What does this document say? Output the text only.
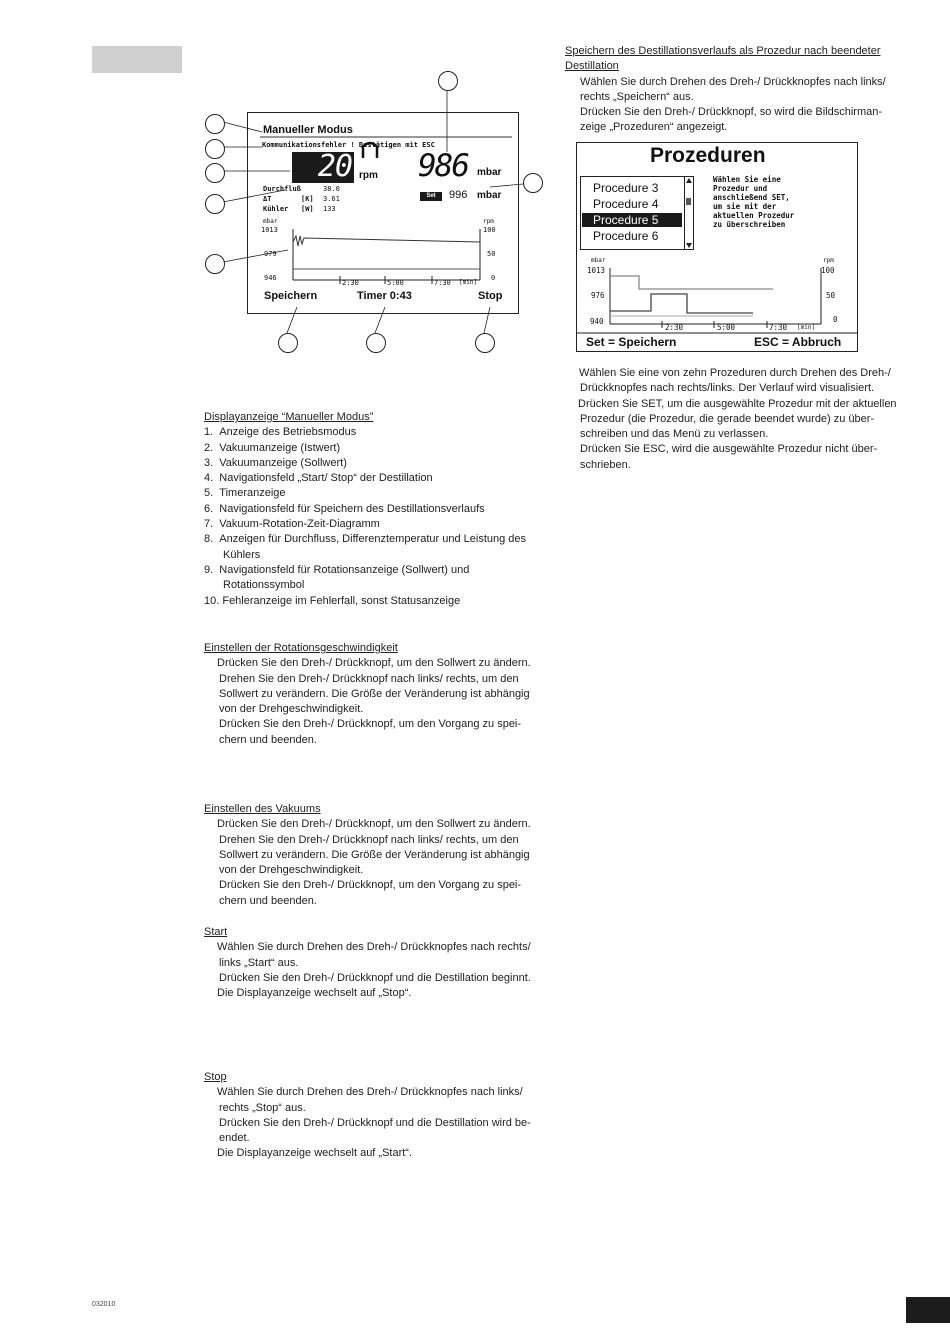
032010
Manueller Modus
Kommunikationsfehler ! Bestätigen mit ESC
20 rpm 986 mbar
Durchfluß	38.0
ΔT	[K] 3.61
Kühler [W] 133
Set	996 mbar
mbar
1013
979
946
rpm
100
50
0
2:30	5:00	7:30 [min]
Speichern	Timer 0:43	Stop
Displayanzeige “Manueller Modus”
1.  Anzeige des Betriebsmodus
2.  Vakuumanzeige (Istwert)
3.  Vakuumanzeige (Sollwert)
4.  Navigationsfeld „Start/ Stop“ der Destillation
5.  Timeranzeige
6.  Navigationsfeld für Speichern des Destillationsverlaufs
7.  Vakuum-Rotation-Zeit-Diagramm
8.  Anzeigen für Durchfluss, Differenztemperatur und Leistung des Kühlers
9.  Navigationsfeld für Rotationsanzeige (Sollwert) und Rotationssymbol
10. Fehleranzeige im Fehlerfall, sonst Statusanzeige
Einstellen der Rotationsgeschwindigkeit
Drücken Sie den Dreh-/ Drückknopf, um den Sollwert zu ändern.
Drehen Sie den Dreh-/ Drückknopf nach links/ rechts, um den
Sollwert zu verändern. Die Größe der Veränderung ist abhängig
von der Drehgeschwindigkeit.
Drücken Sie den Dreh-/ Drückknopf, um den Vorgang zu spei-
chern und beenden.
Einstellen des Vakuums
Drücken Sie den Dreh-/ Drückknopf, um den Sollwert zu ändern.
Drehen Sie den Dreh-/ Drückknopf nach links/ rechts, um den
Sollwert zu verändern. Die Größe der Veränderung ist abhängig
von der Drehgeschwindigkeit.
Drücken Sie den Dreh-/ Drückknopf, um den Vorgang zu spei-
chern und beenden.
Start
Wählen Sie durch Drehen des Dreh-/ Drückknopfes nach rechts/
links „Start“ aus.
Drücken Sie den Dreh-/ Drückknopf und die Destillation beginnt.
Die Displayanzeige wechselt auf „Stop“.
Stop
Wählen Sie durch Drehen des Dreh-/ Drückknopfes nach links/
rechts „Stop“ aus.
Drücken Sie den Dreh-/ Drückknopf und die Destillation wird be-
endet.
Die Displayanzeige wechselt auf „Start“.
Speichern des Destillationsverlaufs als Prozedur nach beendeter
Destillation
Wählen Sie durch Drehen des Dreh-/ Drückknopfes nach links/
rechts „Speichern“ aus.
Drücken Sie den Dreh-/ Drückknopf, so wird die Bildschirman-
zeige „Prozeduren“ angezeigt.
Prozeduren
Procedure 3
Procedure 4
Procedure 5
Procedure 6
Wählen Sie eine
Prozedur und
anschließend SET,
um sie mit der
aktuellen Prozedur
zu überschreiben
mbar
1013
976
940
rpm
100
50
0
2:30	5:00	7:30 [min]
Set = Speichern	ESC = Abbruch
Wählen Sie eine von zehn Prozeduren durch Drehen des Dreh-/
Drückknopfes nach rechts/links. Der Verlauf wird visualisiert.
Drücken Sie SET, um die ausgewählte Prozedur mit der aktuellen
Prozedur (die Prozedur, die gerade beendet wurde) zu über-
schreiben und das Menü zu verlassen.
Drücken Sie ESC, wird die ausgewählte Prozedur nicht über-
schrieben.
